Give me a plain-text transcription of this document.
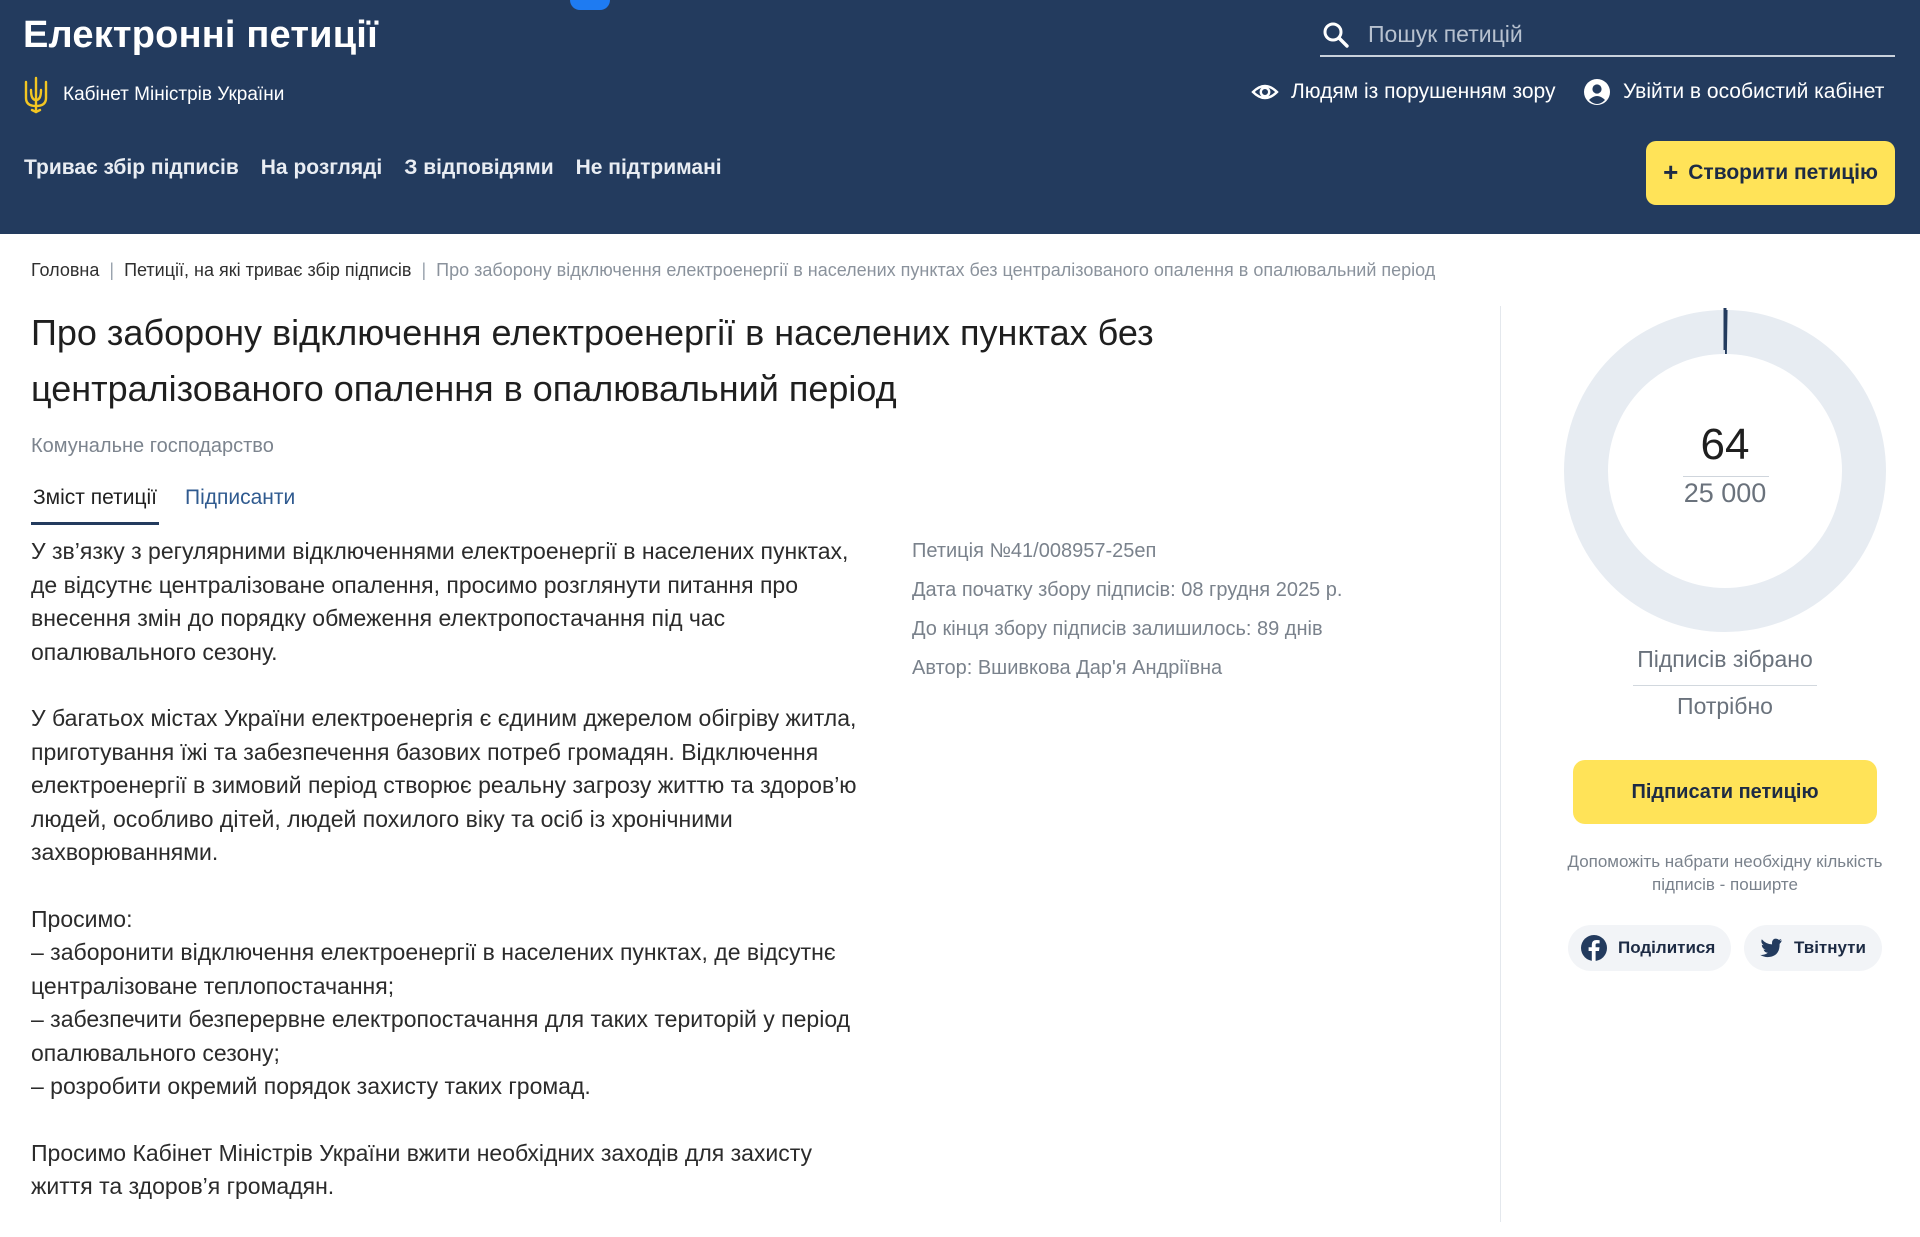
Електронні петиції
Кабінет Міністрів України
Пошук петицій	Людям із порушенням зору	Увійти в особистий кабінет
Триває збір підписів На розгляді З відповідями Не підтримані	+ Створити петицію
Головна | Петиції, на які триває збір підписів | Про заборону відключення електроенергії в населених пунктах без централізованого опалення в опалювальний період
Про заборону відключення електроенергії в населених пунктах без централізованого опалення в опалювальний період
Комунальне господарство
Зміст петиції Підписанти

У зв’язку з регулярними відключеннями електроенергії в населених пунктах, де відсутнє централізоване опалення, просимо розглянути питання про внесення змін до порядку обмеження електропостачання під час опалювального сезону.

У багатьох містах України електроенергія є єдиним джерелом обігріву житла, приготування їжі та забезпечення базових потреб громадян. Відключення електроенергії в зимовий період створює реальну загрозу життю та здоров’ю людей, особливо дітей, людей похилого віку та осіб із хронічними захворюваннями.

Просимо:
– заборонити відключення електроенергії в населених пунктах, де відсутнє централізоване теплопостачання;
– забезпечити безперервне електропостачання для таких територій у період опалювального сезону;
– розробити окремий порядок захисту таких громад.

Просимо Кабінет Міністрів України вжити необхідних заходів для захисту життя та здоров’я громадян.

Петиція №41/008957-25еп
Дата початку збору підписів: 08 грудня 2025 р.
До кінця збору підписів залишилось: 89 днів
Автор: Вшивкова Дар'я Андріївна
64
25 000
Підписів зібрано
Потрібно
Підписати петицію
Допоможіть набрати необхідну кількість підписів - поширте
Поділитися	Твітнути
